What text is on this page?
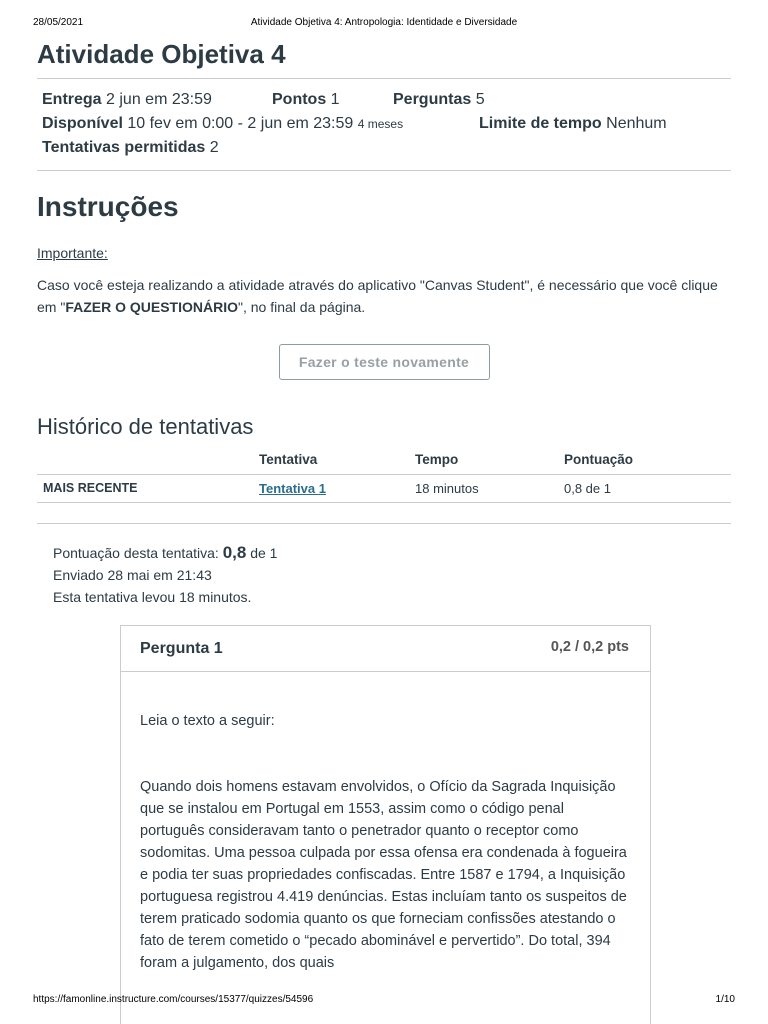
28/05/2021	Atividade Objetiva 4: Antropologia: Identidade e Diversidade
Atividade Objetiva 4
Entrega 2 jun em 23:59	Pontos 1	Perguntas 5
Disponível 10 fev em 0:00 - 2 jun em 23:59 4 meses	Limite de tempo Nenhum
Tentativas permitidas 2
Instruções
Importante:
Caso você esteja realizando a atividade através do aplicativo "Canvas Student", é necessário que você clique em "FAZER O QUESTIONÁRIO", no final da página.
Fazer o teste novamente
Histórico de tentativas
	Tentativa	Tempo	Pontuação
MAIS RECENTE	Tentativa 1	18 minutos	0,8 de 1
Pontuação desta tentativa: 0,8 de 1
Enviado 28 mai em 21:43
Esta tentativa levou 18 minutos.
Pergunta 1	0,2 / 0,2 pts

Leia o texto a seguir:

Quando dois homens estavam envolvidos, o Ofício da Sagrada Inquisição que se instalou em Portugal em 1553, assim como o código penal português consideravam tanto o penetrador quanto o receptor como sodomitas. Uma pessoa culpada por essa ofensa era condenada à fogueira e podia ter suas propriedades confiscadas. Entre 1587 e 1794, a Inquisição portuguesa registrou 4.419 denúncias. Estas incluíam tanto os suspeitos de terem praticado sodomia quanto os que forneciam confissões atestando o fato de terem cometido o “pecado abominável e pervertido”. Do total, 394 foram a julgamento, dos quais

https://famonline.instructure.com/courses/15377/quizzes/54596	1/10
